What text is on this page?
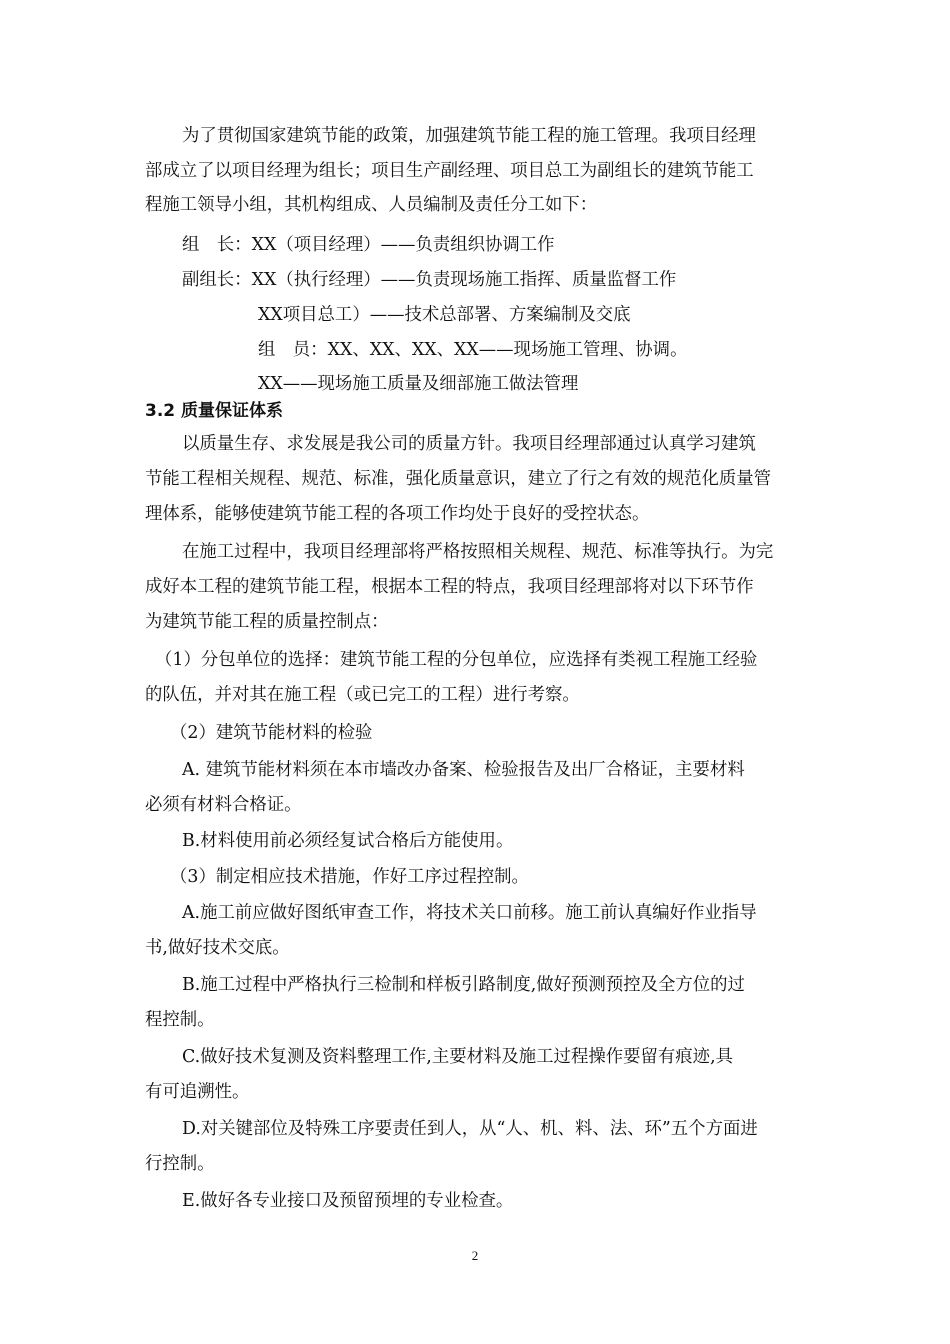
为了贯彻国家建筑节能的政策，加强建筑节能工程的施工管理。我项目经理
部成立了以项目经理为组长；项目生产副经理、项目总工为副组长的建筑节能工
程施工领导小组，其机构组成、人员编制及责任分工如下：
组　长：XX（项目经理）——负责组织协调工作
副组长：XX（执行经理）——负责现场施工指挥、质量监督工作
XX项目总工）——技术总部署、方案编制及交底
组　员：XX、XX、XX、XX——现场施工管理、协调。
XX——现场施工质量及细部施工做法管理
3.2 质量保证体系
以质量生存、求发展是我公司的质量方针。我项目经理部通过认真学习建筑
节能工程相关规程、规范、标准，强化质量意识，建立了行之有效的规范化质量管
理体系，能够使建筑节能工程的各项工作均处于良好的受控状态。
在施工过程中，我项目经理部将严格按照相关规程、规范、标准等执行。为完
成好本工程的建筑节能工程，根据本工程的特点，我项目经理部将对以下环节作
为建筑节能工程的质量控制点：
（1）分包单位的选择：建筑节能工程的分包单位，应选择有类视工程施工经验
的队伍，并对其在施工程（或已完工的工程）进行考察。
（2）建筑节能材料的检验
A. 建筑节能材料须在本市墙改办备案、检验报告及出厂合格证，主要材料
必须有材料合格证。
B.材料使用前必须经复试合格后方能使用。
（3）制定相应技术措施，作好工序过程控制。
A.施工前应做好图纸审查工作，将技术关口前移。施工前认真编好作业指导
书,做好技术交底。
B.施工过程中严格执行三检制和样板引路制度,做好预测预控及全方位的过
程控制。
C.做好技术复测及资料整理工作,主要材料及施工过程操作要留有痕迹,具
有可追溯性。
D.对关键部位及特殊工序要责任到人，从“人、机、料、法、环”五个方面进
行控制。
E.做好各专业接口及预留预埋的专业检查。
2
